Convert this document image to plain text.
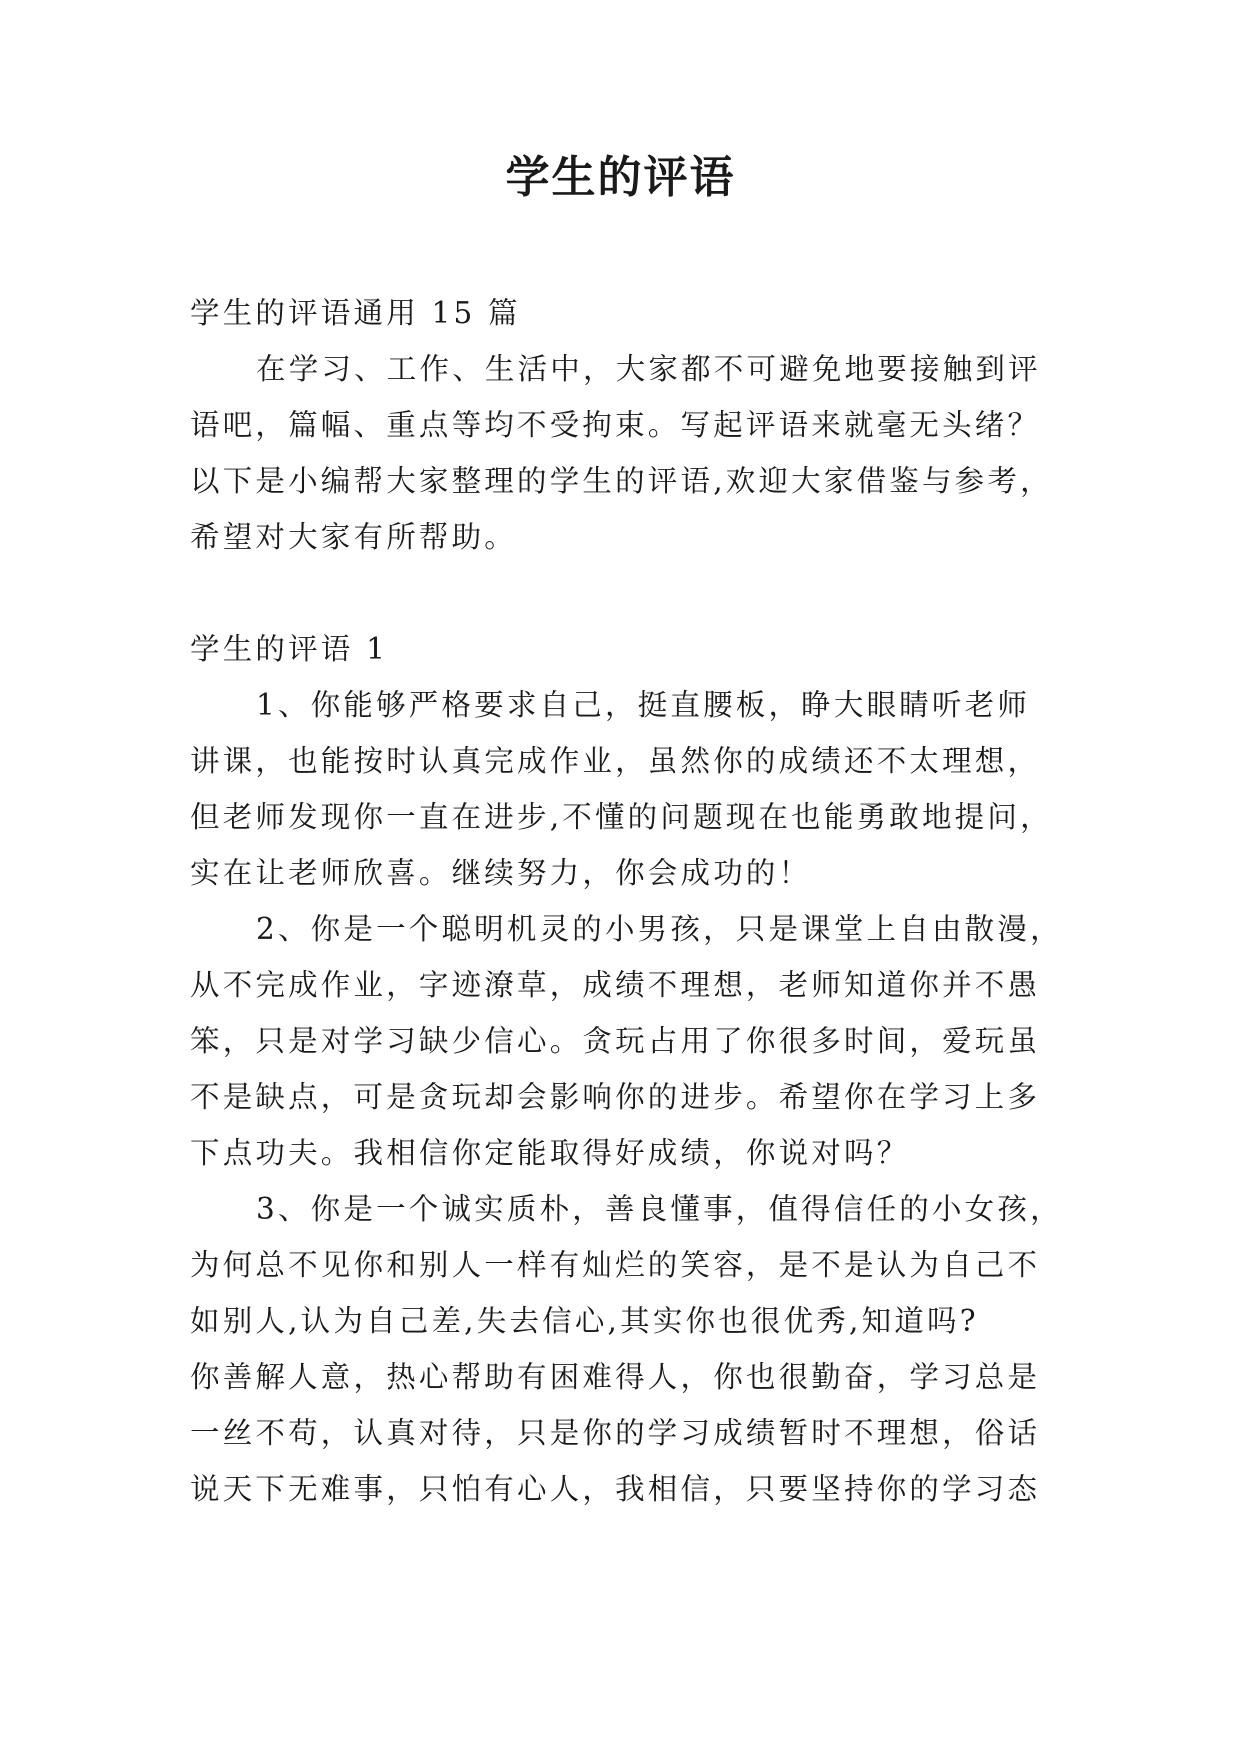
学生的评语
学生的评语通用 15 篇
在学习、工作、生活中，大家都不可避免地要接触到评
语吧，篇幅、重点等均不受拘束。写起评语来就毫无头绪？
以下是小编帮大家整理的学生的评语,欢迎大家借鉴与参考，
希望对大家有所帮助。
学生的评语 1
1、你能够严格要求自己，挺直腰板，睁大眼睛听老师
讲课，也能按时认真完成作业，虽然你的成绩还不太理想，
但老师发现你一直在进步,不懂的问题现在也能勇敢地提问，
实在让老师欣喜。继续努力，你会成功的！
2、你是一个聪明机灵的小男孩，只是课堂上自由散漫，
从不完成作业，字迹潦草，成绩不理想，老师知道你并不愚
笨，只是对学习缺少信心。贪玩占用了你很多时间，爱玩虽
不是缺点，可是贪玩却会影响你的进步。希望你在学习上多
下点功夫。我相信你定能取得好成绩，你说对吗？
3、你是一个诚实质朴，善良懂事，值得信任的小女孩，
为何总不见你和别人一样有灿烂的笑容，是不是认为自己不
如别人,认为自己差,失去信心,其实你也很优秀,知道吗?
你善解人意，热心帮助有困难得人，你也很勤奋，学习总是
一丝不苟，认真对待，只是你的学习成绩暂时不理想，俗话
说天下无难事，只怕有心人，我相信，只要坚持你的学习态
